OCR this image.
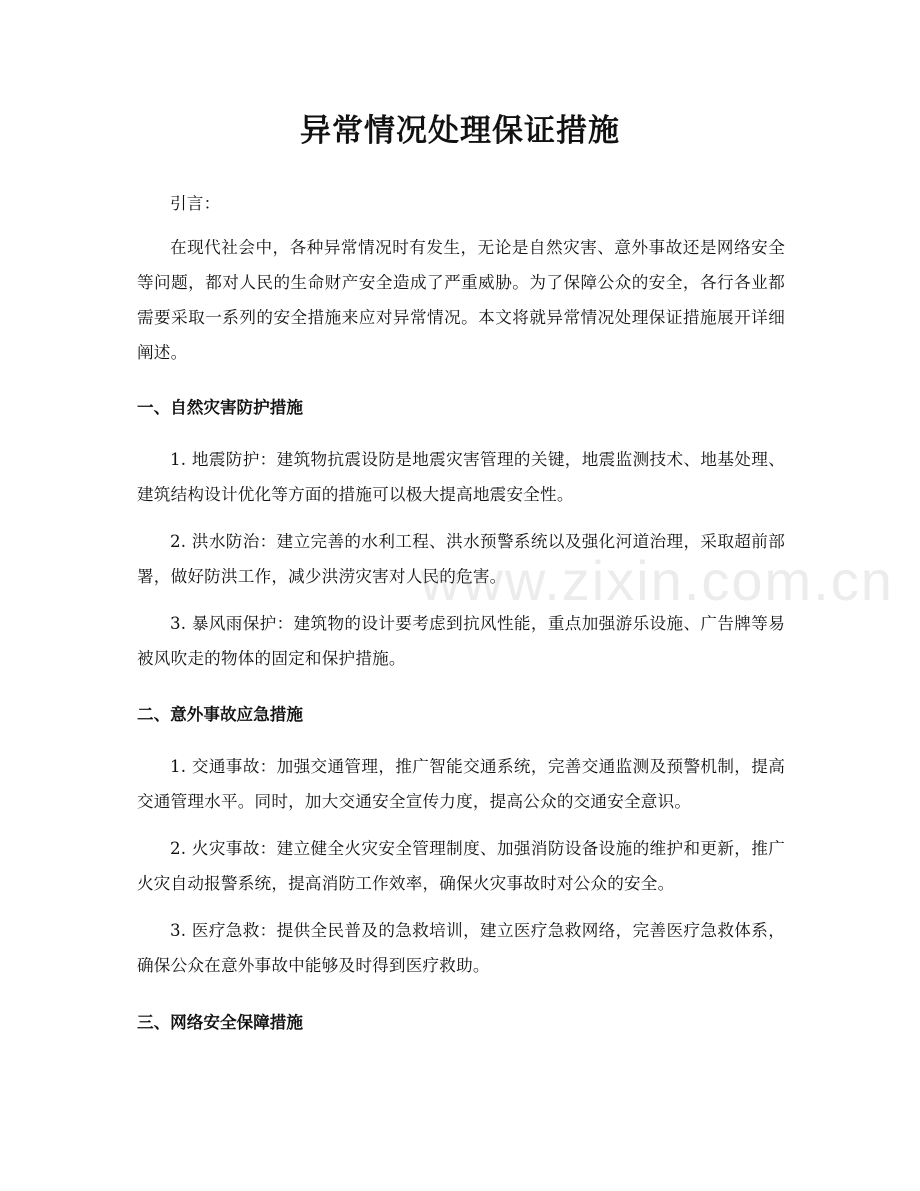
异常情况处理保证措施

引言：

在现代社会中，各种异常情况时有发生，无论是自然灾害、意外事故还是网络安全等问题，都对人民的生命财产安全造成了严重威胁。为了保障公众的安全，各行各业都需要采取一系列的安全措施来应对异常情况。本文将就异常情况处理保证措施展开详细阐述。

一、自然灾害防护措施

1. 地震防护：建筑物抗震设防是地震灾害管理的关键，地震监测技术、地基处理、建筑结构设计优化等方面的措施可以极大提高地震安全性。

2. 洪水防治：建立完善的水利工程、洪水预警系统以及强化河道治理，采取超前部署，做好防洪工作，减少洪涝灾害对人民的危害。

3. 暴风雨保护：建筑物的设计要考虑到抗风性能，重点加强游乐设施、广告牌等易被风吹走的物体的固定和保护措施。

二、意外事故应急措施

1. 交通事故：加强交通管理，推广智能交通系统，完善交通监测及预警机制，提高交通管理水平。同时，加大交通安全宣传力度，提高公众的交通安全意识。

2. 火灾事故：建立健全火灾安全管理制度、加强消防设备设施的维护和更新，推广火灾自动报警系统，提高消防工作效率，确保火灾事故时对公众的安全。

3. 医疗急救：提供全民普及的急救培训，建立医疗急救网络，完善医疗急救体系，确保公众在意外事故中能够及时得到医疗救助。

三、网络安全保障措施
www.zixin.com.cn
